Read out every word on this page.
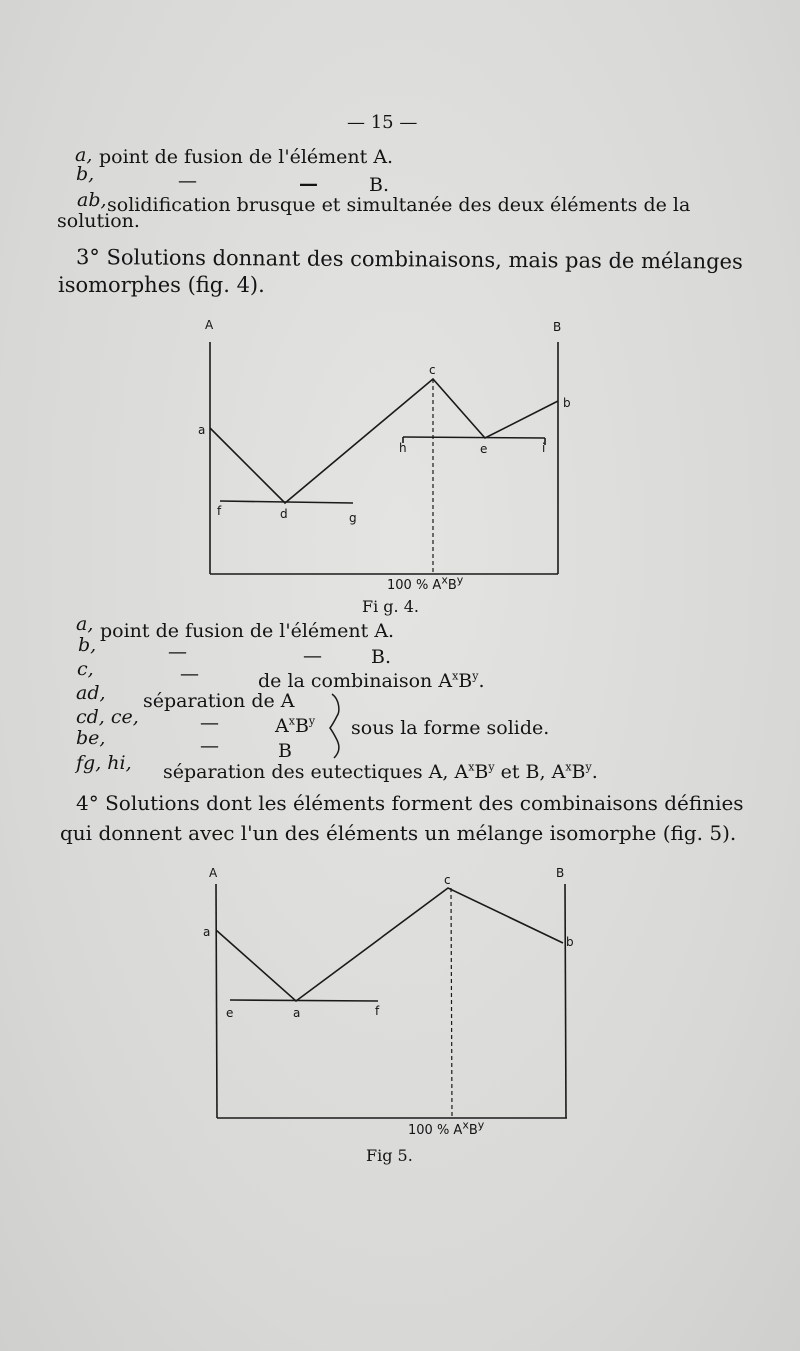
— 15 —
a, point de fusion de l'élément A.
b,	—	—	B.
ab, solidification brusque et simultanée des deux éléments de la
solution.
3° Solutions donnant des combinaisons, mais pas de mélanges
isomorphes (fig. 4).
A	B
c
b
a
h	e	i
f	d	g
100 % $A^xB^y$
Fi g. 4.
a, point de fusion de l'élément A.
b,	—	—	B.
c,	—	de la combinaison $A^xB^y$.
ad, séparation de A
cd, ce,	—	$A^xB^y$
be,	—	B
sous la forme solide.
fg, hi, séparation des eutectiques A, $A^xB^y$ et B, $A^xB^y$.
4° Solutions dont les éléments forment des combinaisons définies
qui donnent avec l'un des éléments un mélange isomorphe (fig. 5).
A	c	B
a
b
e	a	f
100 % $A^xB^y$
Fig 5.
